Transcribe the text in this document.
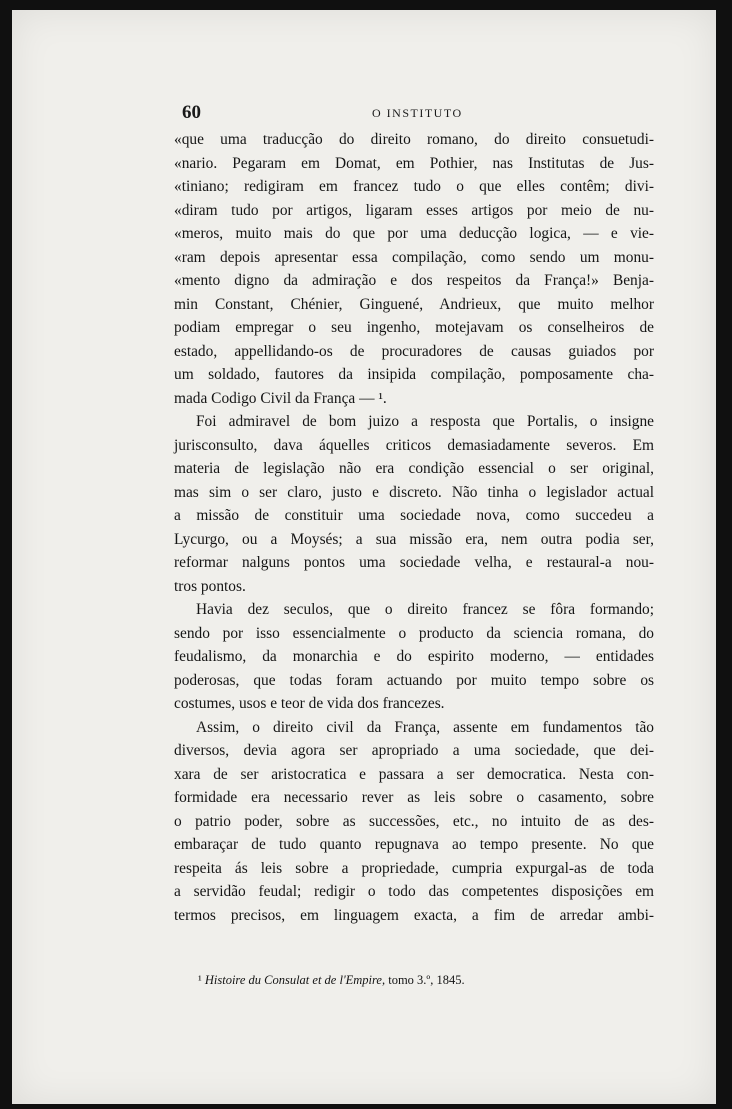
60	O INSTITUTO
«que uma traducção do direito romano, do direito consuetudi-
«nario. Pegaram em Domat, em Pothier, nas Institutas de Jus-
«tiniano; redigiram em francez tudo o que elles contêm; divi-
«diram tudo por artigos, ligaram esses artigos por meio de nu-
«meros, muito mais do que por uma deducção logica, — e vie-
«ram depois apresentar essa compilação, como sendo um monu-
«mento digno da admiração e dos respeitos da França!» Benja-
min Constant, Chénier, Ginguené, Andrieux, que muito melhor
podiam empregar o seu ingenho, motejavam os conselheiros de
estado, appellidando-os de procuradores de causas guiados por
um soldado, fautores da insipida compilação, pomposamente cha-
mada Codigo Civil da França — ¹.
Foi admiravel de bom juizo a resposta que Portalis, o insigne
jurisconsulto, dava áquelles criticos demasiadamente severos. Em
materia de legislação não era condição essencial o ser original,
mas sim o ser claro, justo e discreto. Não tinha o legislador actual
a missão de constituir uma sociedade nova, como succedeu a
Lycurgo, ou a Moysés; a sua missão era, nem outra podia ser,
reformar nalguns pontos uma sociedade velha, e restaural-a nou-
tros pontos.
Havia dez seculos, que o direito francez se fôra formando;
sendo por isso essencialmente o producto da sciencia romana, do
feudalismo, da monarchia e do espirito moderno, — entidades
poderosas, que todas foram actuando por muito tempo sobre os
costumes, usos e teor de vida dos francezes.
Assim, o direito civil da França, assente em fundamentos tão
diversos, devia agora ser apropriado a uma sociedade, que dei-
xara de ser aristocratica e passara a ser democratica. Nesta con-
formidade era necessario rever as leis sobre o casamento, sobre
o patrio poder, sobre as successões, etc., no intuito de as des-
embaraçar de tudo quanto repugnava ao tempo presente. No que
respeita ás leis sobre a propriedade, cumpria expurgal-as de toda
a servidão feudal; redigir o todo das competentes disposições em
termos precisos, em linguagem exacta, a fim de arredar ambi-
¹ Histoire du Consulat et de l'Empire, tomo 3.º, 1845.
